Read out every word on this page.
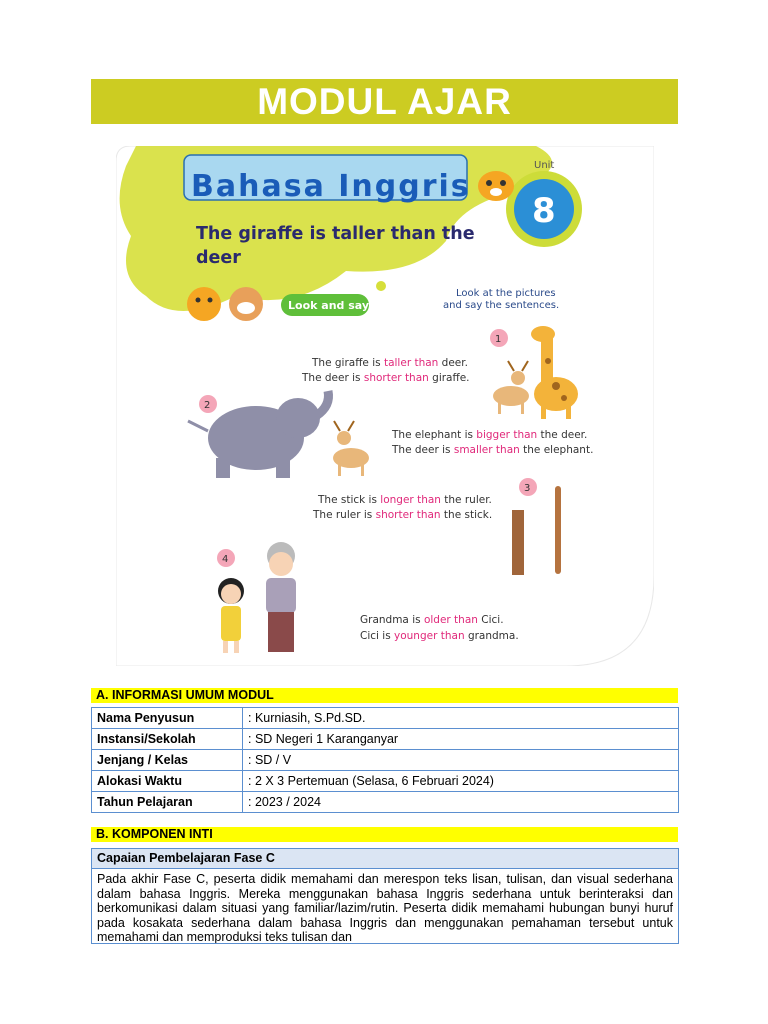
MODUL AJAR
Bahasa Inggris
Unit
8
The giraffe is taller than the
deer
Look and say
Look at the pictures
and say the sentences.
1
The giraffe is taller than deer.
The deer is shorter than giraffe.
2
The elephant is bigger than the deer.
The deer is smaller than the elephant.
The stick is longer than the ruler.
The ruler is shorter than the stick.
3
4
Grandma is older than Cici.
Cici is younger than grandma.
A. INFORMASI UMUM MODUL
Nama Penyusun	: Kurniasih, S.Pd.SD.
Instansi/Sekolah	: SD Negeri 1 Karanganyar
Jenjang / Kelas	: SD / V
Alokasi Waktu	: 2 X 3 Pertemuan (Selasa, 6 Februari 2024)
Tahun Pelajaran	: 2023 / 2024
B. KOMPONEN INTI
Capaian Pembelajaran Fase C
Pada akhir Fase C, peserta didik memahami dan merespon teks lisan, tulisan, dan visual sederhana dalam bahasa Inggris. Mereka menggunakan bahasa Inggris sederhana untuk berinteraksi dan berkomunikasi dalam situasi yang familiar/lazim/rutin. Peserta didik memahami hubungan bunyi huruf pada kosakata sederhana dalam bahasa Inggris dan menggunakan pemahaman tersebut untuk memahami dan memproduksi teks tulisan dan
